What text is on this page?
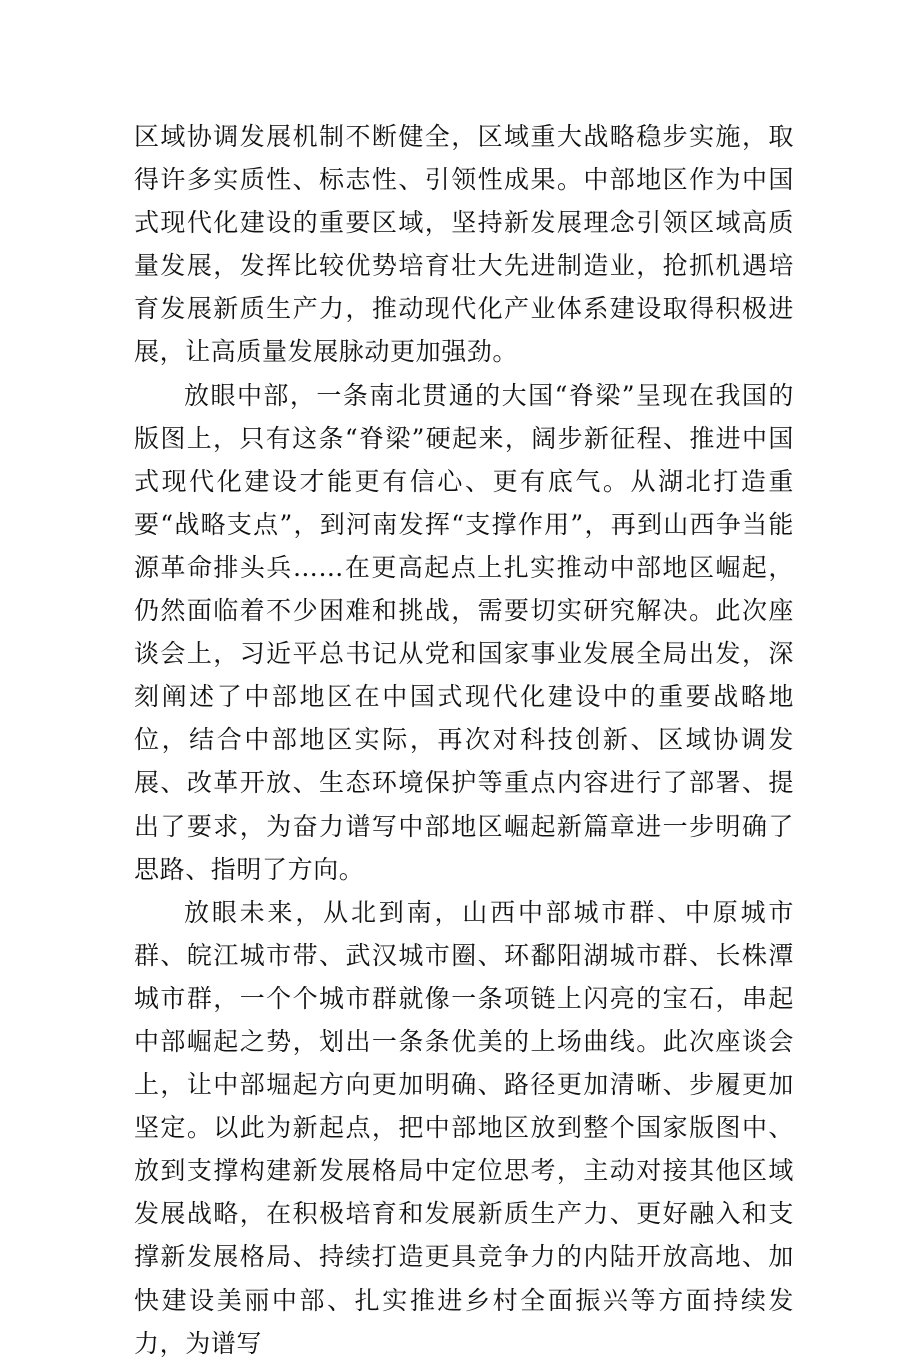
区域协调发展机制不断健全，区域重大战略稳步实施，取得许多实质性、标志性、引领性成果。中部地区作为中国式现代化建设的重要区域，坚持新发展理念引领区域高质量发展，发挥比较优势培育壮大先进制造业，抢抓机遇培育发展新质生产力，推动现代化产业体系建设取得积极进展，让高质量发展脉动更加强劲。

放眼中部，一条南北贯通的大国“脊梁”呈现在我国的版图上，只有这条“脊梁”硬起来，阔步新征程、推进中国式现代化建设才能更有信心、更有底气。从湖北打造重要“战略支点”，到河南发挥“支撑作用”，再到山西争当能源革命排头兵……在更高起点上扎实推动中部地区崛起，仍然面临着不少困难和挑战，需要切实研究解决。此次座谈会上，习近平总书记从党和国家事业发展全局出发，深刻阐述了中部地区在中国式现代化建设中的重要战略地位，结合中部地区实际，再次对科技创新、区域协调发展、改革开放、生态环境保护等重点内容进行了部署、提出了要求，为奋力谱写中部地区崛起新篇章进一步明确了思路、指明了方向。

放眼未来，从北到南，山西中部城市群、中原城市群、皖江城市带、武汉城市圈、环鄱阳湖城市群、长株潭城市群，一个个城市群就像一条项链上闪亮的宝石，串起中部崛起之势，划出一条条优美的上场曲线。此次座谈会上，让中部堀起方向更加明确、路径更加清晰、步履更加坚定。以此为新起点，把中部地区放到整个国家版图中、放到支撑构建新发展格局中定位思考，主动对接其他区域发展战略，在积极培育和发展新质生产力、更好融入和支撑新发展格局、持续打造更具竞争力的内陆开放高地、加快建设美丽中部、扎实推进乡村全面振兴等方面持续发力，为谱写
